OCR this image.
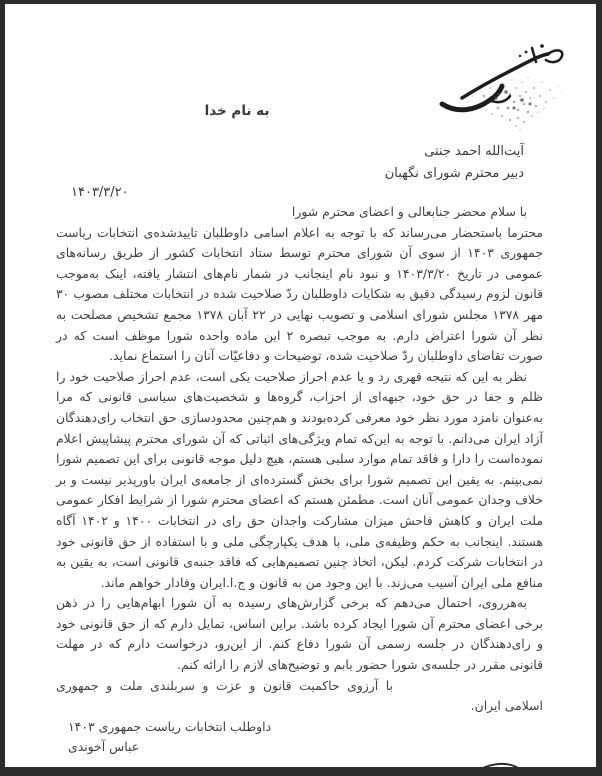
به نام خدا
آیت‌الله احمد جنتی
دبیر محترم شورای نگهبان
۱۴۰۳/۳/۲۰

با سلام محضر جنابعالی و اعضای محترم شورا

محترما باستحضار می‌رساند که با توجه به اعلام اسامی داوطلبان تاییدشده‌ی انتخابات ریاست جمهوری ۱۴۰۳ از سوی آن شورای محترم توسط ستاد انتخابات کشور از طریق رسانه‌های عمومی در تاریخ ۱۴۰۳/۳/۲۰ و نبود نام اینجانب در شمار نام‌های انتشار یافته، اینک به‌موجب قانون لزوم رسیدگی دقیق به شکایات داوطلبان ردّ صلاحیت شده در انتخابات مختلف مصوب ۳۰ مهر ۱۳۷۸ مجلس شورای اسلامی و تصویب نهایی در ۲۲ آبان ۱۳۷۸ مجمع تشخیص مصلحت به نظر آن شورا اعتراض دارم. به موجب تبصره ۲ این ماده واحده شورا موظف است که در صورت تقاضای داوطلبان ردّ صلاحیت شده، توضیحات و دفاعیّات آنان را استماع نماید.

نظر به این که نتیجه قهری رد و یا عدم احراز صلاحیت یکی است، عدم احراز صلاحیت خود را ظلم و جفا در حق خود، جبهه‌ای از احزاب، گروه‌ها و شخصیت‌های سیاسی قانونی که مرا به‌عنوان نامزد مورد نظر خود معرفی کرده‌بودند و هم‌چنین محدودسازی حق انتخاب رای‌دهندگان آزاد ایران می‌دانم. با توجه به این‌که تمام ویژگی‌های اثباتی که آن شورای محترم پیشاپیش اعلام نموده‌است را دارا و فاقد تمام موارد سلبی هستم، هیچ دلیل موجه قانونی برای این تصمیم شورا نمی‌بینم. به یقین این تصمیم شورا برای بخش گسترده‌ای از جامعه‌ی ایران باورپذیر نیست و بر خلاف وجدان عمومی آنان است. مطمئن هستم که اعضای محترم شورا از شرایط افکار عمومی ملت ایران و کاهش فاحش میزان مشارکت واجدان حق رای در انتخابات ۱۴۰۰ و ۱۴۰۲ آگاه هستند. اینجانب به حکم وظیفه‌ی ملی، با هدف یکپارچگی ملی و با استفاده از حق قانونی خود در انتخابات شرکت کردم. لیکن، اتخاذ چنین تصمیم‌هایی که فاقد جنبه‌ی قانونی است، به یقین به منافع ملی ایران آسیب می‌زند. با این وجود من به قانون و ج.ا.ایران وفادار خواهم ماند.

به‌هرروی، احتمال می‌دهم که برخی گزارش‌های رسیده به آن شورا ابهام‌هایی را در ذهن برخی اعضای محترم آن شورا ایجاد کرده باشد. براین اساس، تمایل دارم که از حق قانونی خود و رای‌دهندگان در جلسه رسمی آن شورا دفاع کنم. از این‌رو، درخواست دارم که در مهلت قانونی مقرر در جلسه‌ی شورا حضور یابم و توضیح‌های لازم را ارائه کنم.

با آرزوی حاکمیت قانون و عزت و سربلندی ملت و جمهوری اسلامی ایران.

داوطلب انتخابات ریاست جمهوری ۱۴۰۳
عباس آخوندی
